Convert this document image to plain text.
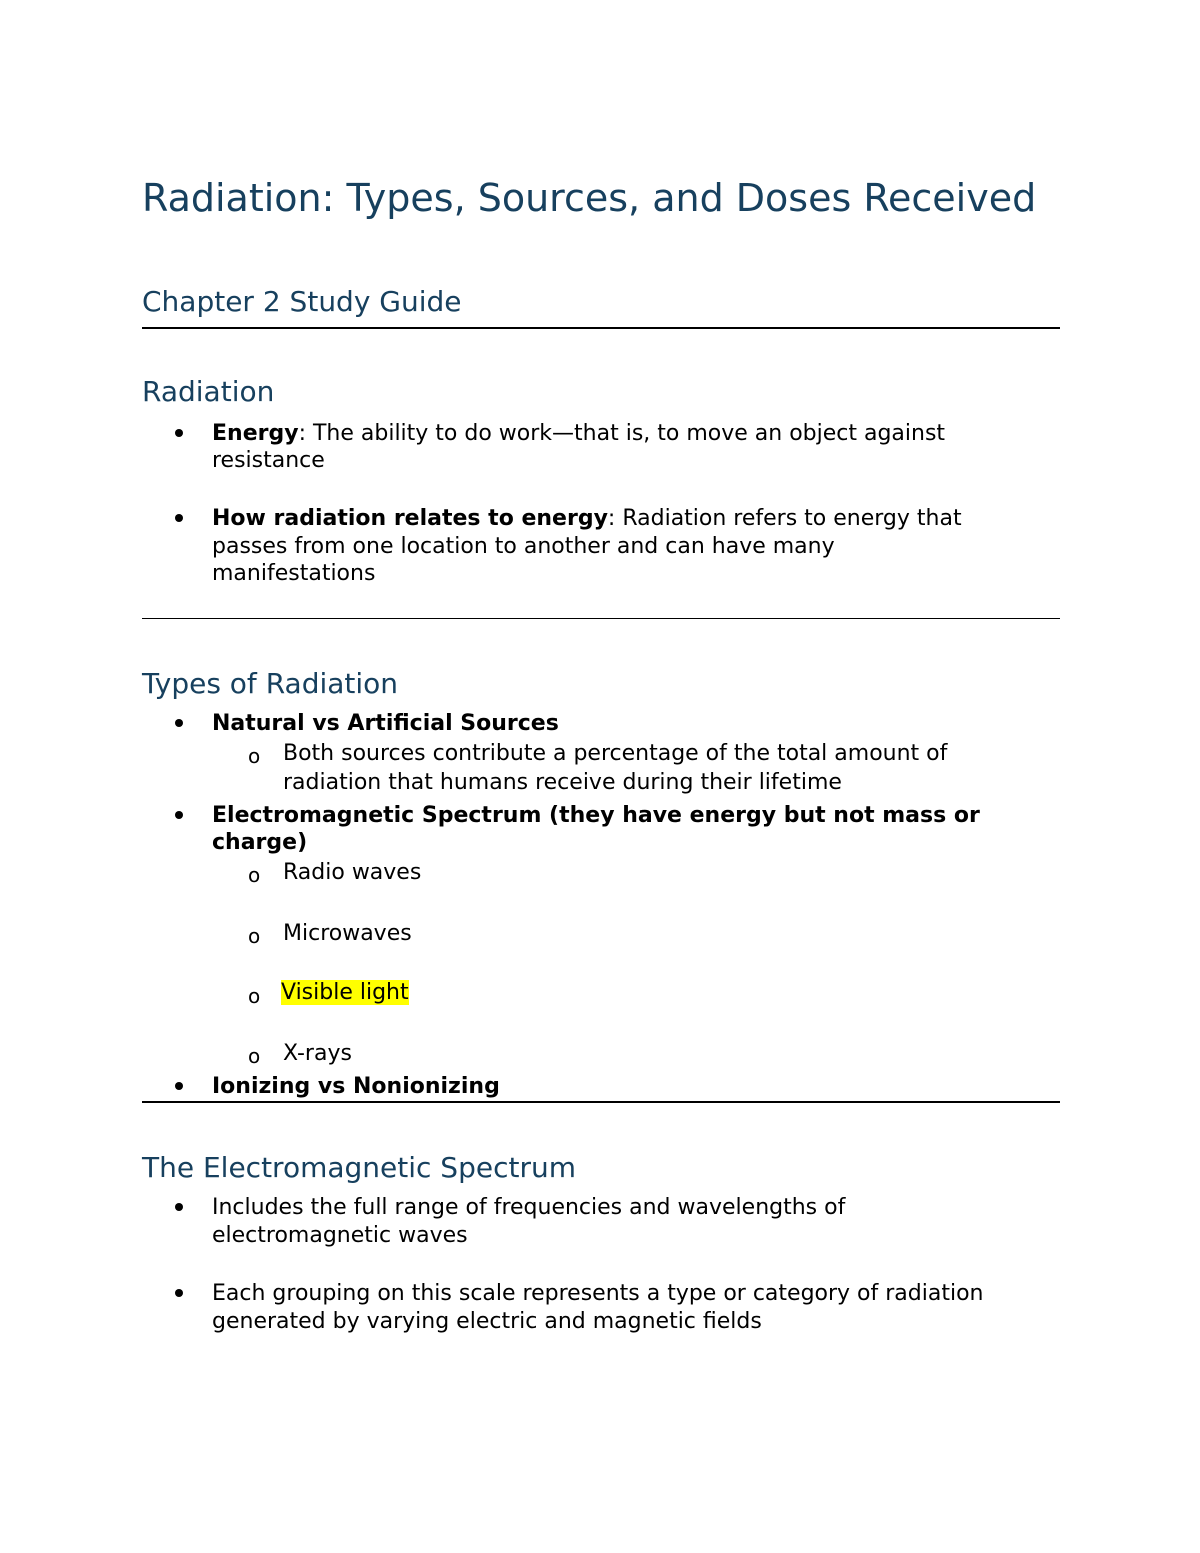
Radiation: Types, Sources, and Doses Received
Chapter 2 Study Guide
Radiation
Energy: The ability to do work—that is, to move an object against
resistance
How radiation relates to energy: Radiation refers to energy that
passes from one location to another and can have many
manifestations
Types of Radiation
Natural vs Artificial Sources
o Both sources contribute a percentage of the total amount of
radiation that humans receive during their lifetime
Electromagnetic Spectrum (they have energy but not mass or
charge)
o Radio waves
o Microwaves
o Visible light
o X-rays
Ionizing vs Nonionizing
The Electromagnetic Spectrum
Includes the full range of frequencies and wavelengths of
electromagnetic waves
Each grouping on this scale represents a type or category of radiation
generated by varying electric and magnetic fields
